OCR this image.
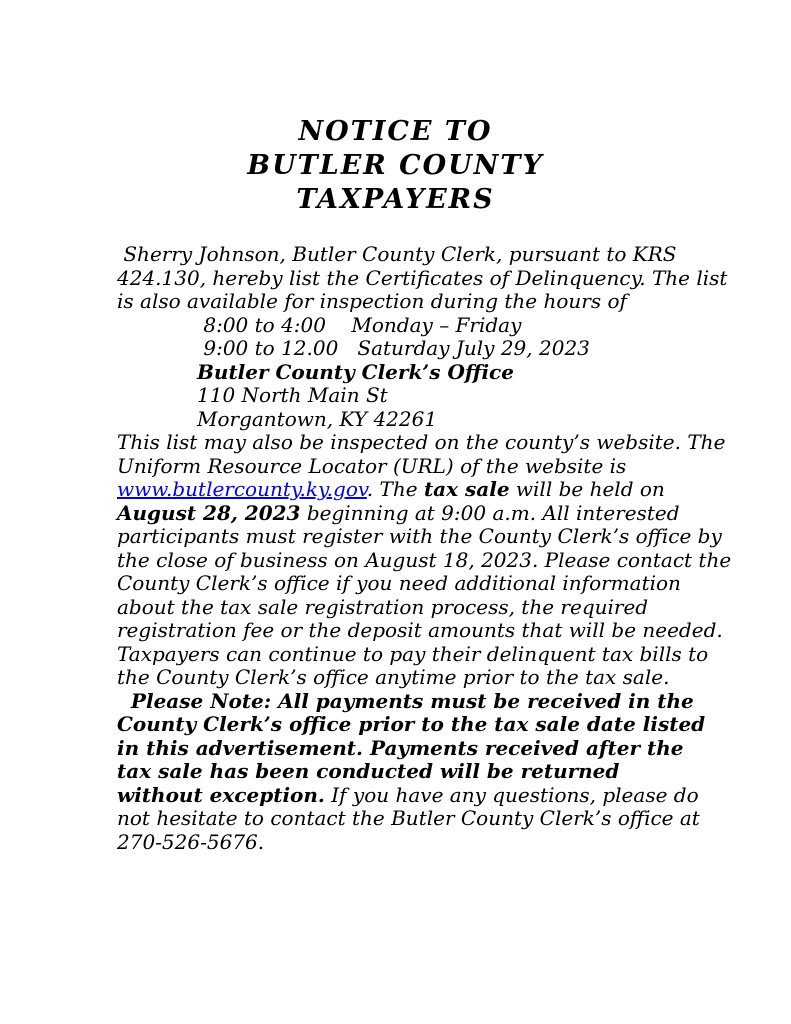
NOTICE TO
BUTLER COUNTY
TAXPAYERS
Sherry Johnson, Butler County Clerk, pursuant to KRS
424.130, hereby list the Certificates of Delinquency. The list
is also available for inspection during the hours of
8:00 to 4:00    Monday – Friday
9:00 to 12.00   Saturday July 29, 2023
Butler County Clerk’s Office
110 North Main St
Morgantown, KY 42261
This list may also be inspected on the county’s website. The
Uniform Resource Locator (URL) of the website is
www.butlercounty.ky.gov. The tax sale will be held on
August 28, 2023 beginning at 9:00 a.m. All interested
participants must register with the County Clerk’s office by
the close of business on August 18, 2023. Please contact the
County Clerk’s office if you need additional information
about the tax sale registration process, the required
registration fee or the deposit amounts that will be needed.
Taxpayers can continue to pay their delinquent tax bills to
the County Clerk’s office anytime prior to the tax sale.
Please Note: All payments must be received in the
County Clerk’s office prior to the tax sale date listed
in this advertisement. Payments received after the
tax sale has been conducted will be returned
without exception. If you have any questions, please do
not hesitate to contact the Butler County Clerk’s office at
270-526-5676.
